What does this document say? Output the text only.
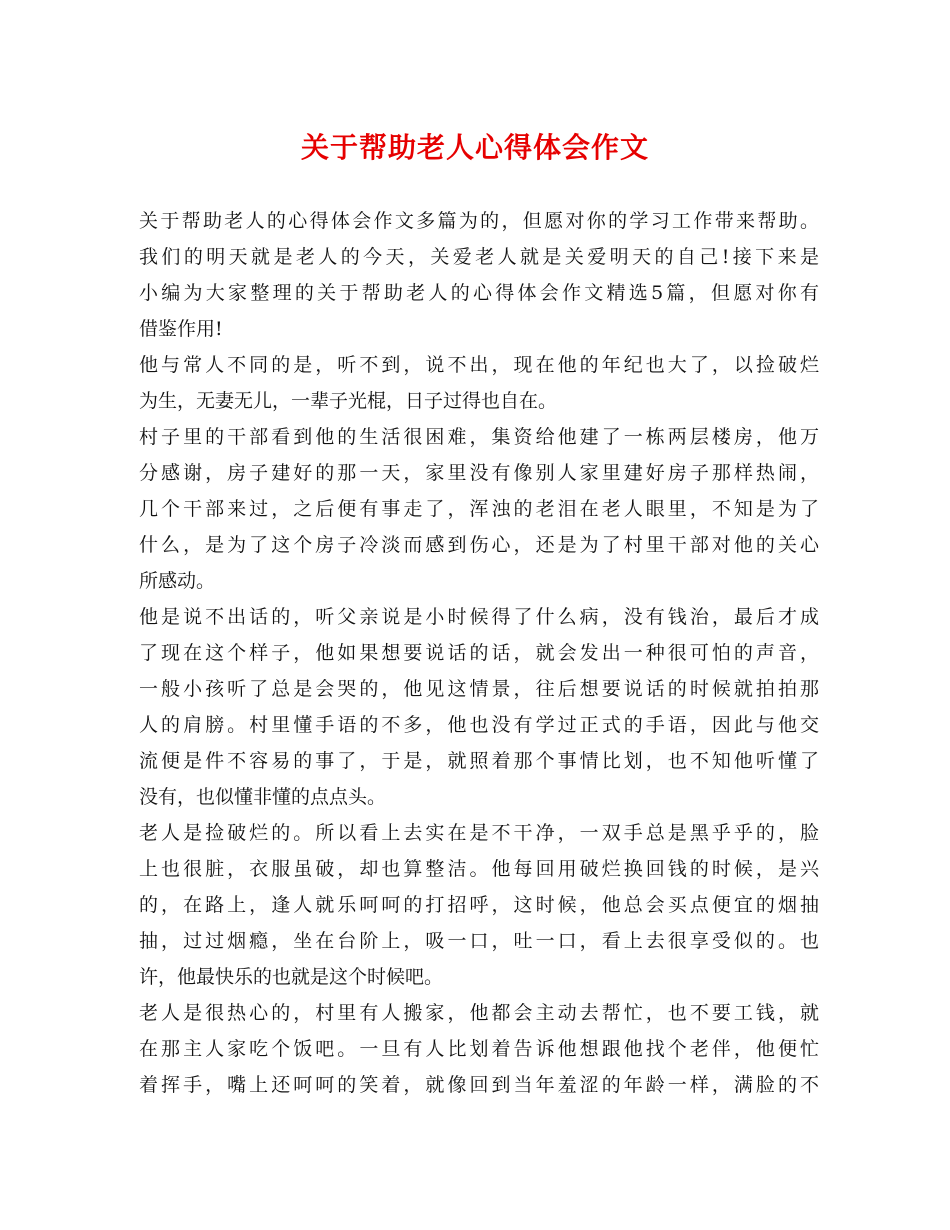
关于帮助老人心得体会作文
关于帮助老人的心得体会作文多篇为的，但愿对你的学习工作带来帮助。
我们的明天就是老人的今天，关爱老人就是关爱明天的自己!接下来是
小编为大家整理的关于帮助老人的心得体会作文精选5篇，但愿对你有
借鉴作用!
他与常人不同的是，听不到，说不出，现在他的年纪也大了，以捡破烂
为生，无妻无儿，一辈子光棍，日子过得也自在。
村子里的干部看到他的生活很困难，集资给他建了一栋两层楼房，他万
分感谢，房子建好的那一天，家里没有像别人家里建好房子那样热闹，
几个干部来过，之后便有事走了，浑浊的老泪在老人眼里，不知是为了
什么，是为了这个房子冷淡而感到伤心，还是为了村里干部对他的关心
所感动。
他是说不出话的，听父亲说是小时候得了什么病，没有钱治，最后才成
了现在这个样子，他如果想要说话的话，就会发出一种很可怕的声音，
一般小孩听了总是会哭的，他见这情景，往后想要说话的时候就拍拍那
人的肩膀。村里懂手语的不多，他也没有学过正式的手语，因此与他交
流便是件不容易的事了，于是，就照着那个事情比划，也不知他听懂了
没有，也似懂非懂的点点头。
老人是捡破烂的。所以看上去实在是不干净，一双手总是黑乎乎的，脸
上也很脏，衣服虽破，却也算整洁。他每回用破烂换回钱的时候，是兴
的，在路上，逢人就乐呵呵的打招呼，这时候，他总会买点便宜的烟抽
抽，过过烟瘾，坐在台阶上，吸一口，吐一口，看上去很享受似的。也
许，他最快乐的也就是这个时候吧。
老人是很热心的，村里有人搬家，他都会主动去帮忙，也不要工钱，就
在那主人家吃个饭吧。一旦有人比划着告诉他想跟他找个老伴，他便忙
着挥手，嘴上还呵呵的笑着，就像回到当年羞涩的年龄一样，满脸的不
